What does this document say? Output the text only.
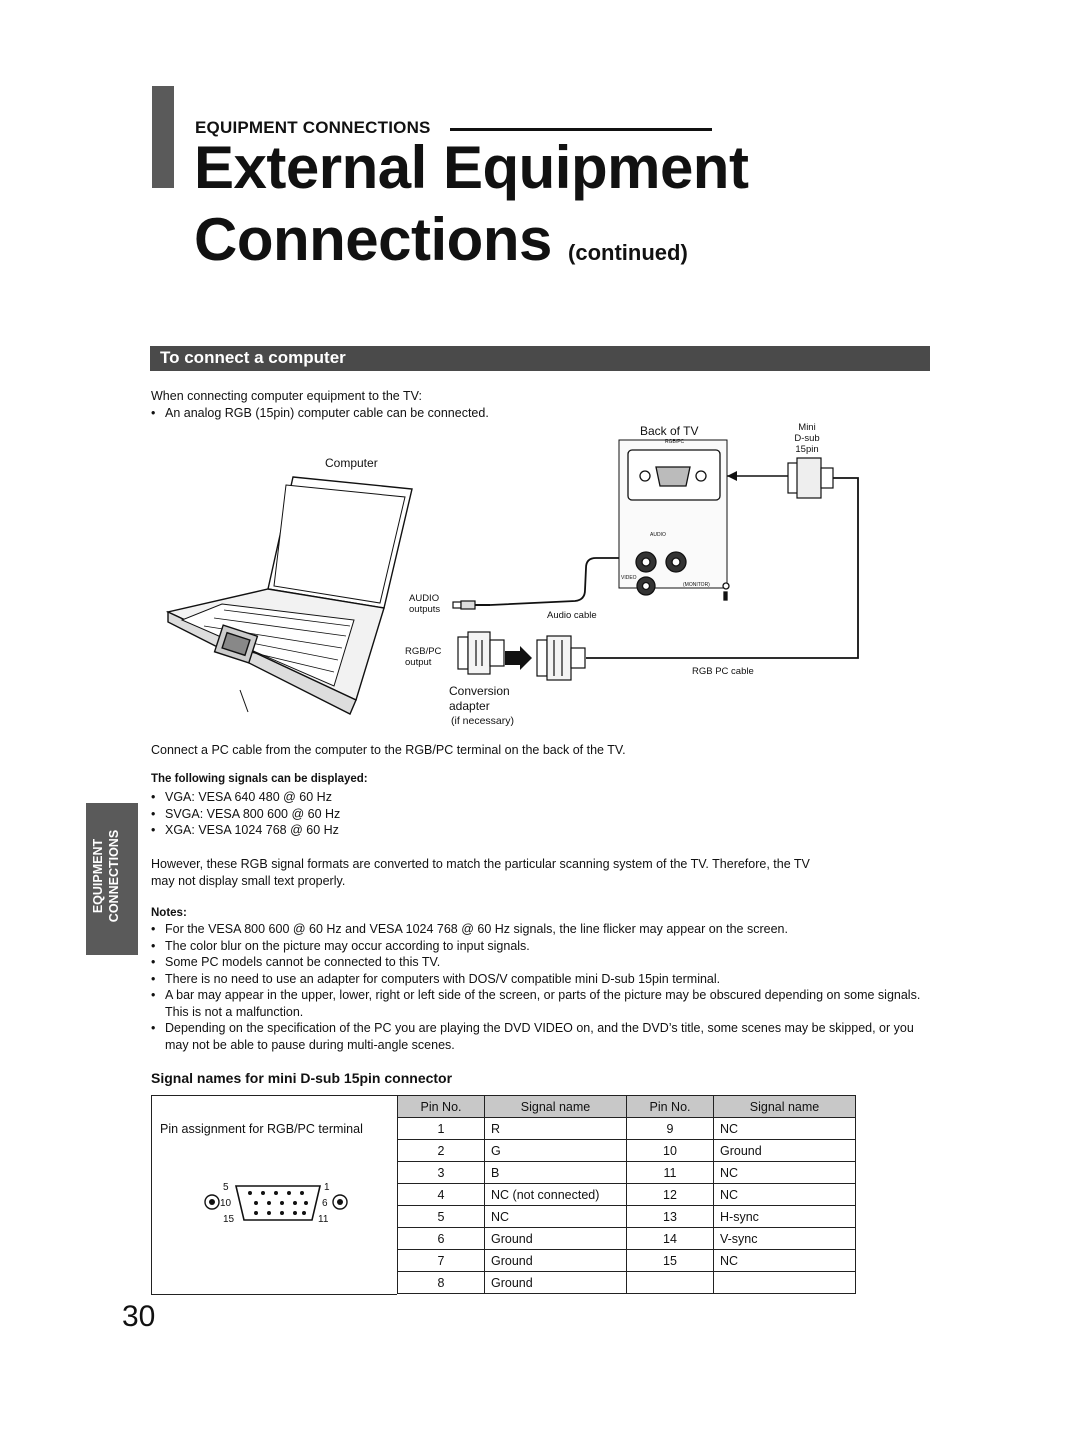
EQUIPMENT CONNECTIONS
External Equipment
Connections (continued)
To connect a computer
When connecting computer equipment to the TV:
• An analog RGB (15pin) computer cable can be connected.
Back of TV
RGB/PC
Mini
D-sub
15pin
Computer
AUDIO
VIDEO
(MONITOR)
AUDIO
outputs
Audio cable
RGB/PC
output
RGB PC cable
Conversion
adapter
(if necessary)
Connect a PC cable from the computer to the RGB/PC terminal on the back of the TV.
The following signals can be displayed:
• VGA: VESA 640 480 @ 60 Hz
• SVGA: VESA 800 600 @ 60 Hz
• XGA: VESA 1024 768 @ 60 Hz
EQUIPMENT CONNECTIONS However, these RGB signal formats are converted to match the particular scanning system of the TV. Therefore, the TV
may not display small text properly.
Notes:
• For the VESA 800 600 @ 60 Hz and VESA 1024 768 @ 60 Hz signals, the line flicker may appear on the screen.
• The color blur on the picture may occur according to input signals.
• Some PC models cannot be connected to this TV.
• There is no need to use an adapter for computers with DOS/V compatible mini D-sub 15pin terminal.
• A bar may appear in the upper, lower, right or left side of the screen, or parts of the picture may be obscured depending on some signals. This is not a malfunction.
• Depending on the specification of the PC you are playing the DVD VIDEO on, and the DVD’s title, some scenes may be skipped, or you may not be able to pause during multi-angle scenes.
Signal names for mini D-sub 15pin connector
Pin assignment for RGB/PC terminal
5	1
10	6
15	11
Pin No.	Signal name	Pin No.	Signal name
1	R	9	NC
2	G	10	Ground
3	B	11	NC
4	NC (not connected)	12	NC
5	NC	13	H-sync
6	Ground	14	V-sync
7	Ground	15	NC
8	Ground		
30
